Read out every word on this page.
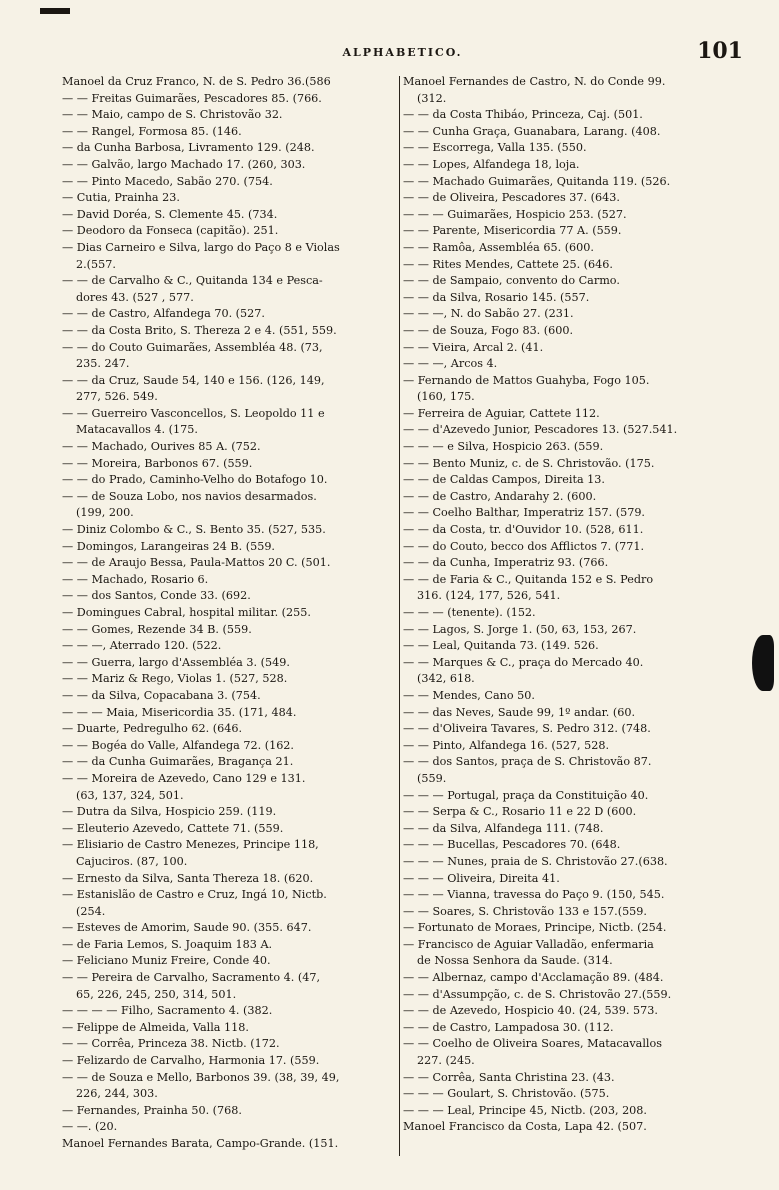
ALPHABETICO.	101
Manoel da Cruz Franco, N. de S. Pedro 36.(586
— — Freitas Guimarães, Pescadores 85. (766.
— — Maio, campo de S. Christovão 32.
— — Rangel, Formosa 85. (146.
— da Cunha Barbosa, Livramento 129. (248.
— — Galvão, largo Machado 17. (260, 303.
— — Pinto Macedo, Sabão 270. (754.
— Cutia, Prainha 23.
— David Doréa, S. Clemente 45. (734.
— Deodoro da Fonseca (capitão). 251.
— Dias Carneiro e Silva, largo do Paço 8 e Violas
2.(557.
— — de Carvalho & C., Quitanda 134 e Pesca-
dores 43. (527 , 577.
— — de Castro, Alfandega 70. (527.
— — da Costa Brito, S. Thereza 2 e 4. (551, 559.
— — do Couto Guimarães, Assembléa 48. (73,
235. 247.
— — da Cruz, Saude 54, 140 e 156. (126, 149,
277, 526. 549.
— — Guerreiro Vasconcellos, S. Leopoldo 11 e
Matacavallos 4. (175.
— — Machado, Ourives 85 A. (752.
— — Moreira, Barbonos 67. (559.
— — do Prado, Caminho-Velho do Botafogo 10.
— — de Souza Lobo, nos navios desarmados.
(199, 200.
— Diniz Colombo & C., S. Bento 35. (527, 535.
— Domingos, Larangeiras 24 B. (559.
— — de Araujo Bessa, Paula-Mattos 20 C. (501.
— — Machado, Rosario 6.
— — dos Santos, Conde 33. (692.
— Domingues Cabral, hospital militar. (255.
— — Gomes, Rezende 34 B. (559.
— — —, Aterrado 120. (522.
— — Guerra, largo d'Assembléa 3. (549.
— — Mariz & Rego, Violas 1. (527, 528.
— — da Silva, Copacabana 3. (754.
— — — Maia, Misericordia 35. (171, 484.
— Duarte, Pedregulho 62. (646.
— — Bogéa do Valle, Alfandega 72. (162.
— — da Cunha Guimarães, Bragança 21.
— — Moreira de Azevedo, Cano 129 e 131.
(63, 137, 324, 501.
— Dutra da Silva, Hospicio 259. (119.
— Eleuterio Azevedo, Cattete 71. (559.
— Elisiario de Castro Menezes, Principe 118,
Cajuciros. (87, 100.
— Ernesto da Silva, Santa Thereza 18. (620.
— Estanislão de Castro e Cruz, Ingá 10, Nictb.
(254.
— Esteves de Amorim, Saude 90. (355. 647.
— de Faria Lemos, S. Joaquim 183 A.
— Feliciano Muniz Freire, Conde 40.
— — Pereira de Carvalho, Sacramento 4. (47,
65, 226, 245, 250, 314, 501.
— — — — Filho, Sacramento 4. (382.
— Felippe de Almeida, Valla 118.
— — Corrêa, Princeza 38. Nictb. (172.
— Felizardo de Carvalho, Harmonia 17. (559.
— — de Souza e Mello, Barbonos 39. (38, 39, 49,
226, 244, 303.
— Fernandes, Prainha 50. (768.
— —. (20.
Manoel Fernandes Barata, Campo-Grande. (151.
Manoel Fernandes de Castro, N. do Conde 99.
(312.
— — da Costa Thibáo, Princeza, Caj. (501.
— — Cunha Graça, Guanabara, Larang. (408.
— — Escorrega, Valla 135. (550.
— — Lopes, Alfandega 18, loja.
— — Machado Guimarães, Quitanda 119. (526.
— — de Oliveira, Pescadores 37. (643.
— — — Guimarães, Hospicio 253. (527.
— — Parente, Misericordia 77 A. (559.
— — Ramôa, Assembléa 65. (600.
— — Rites Mendes, Cattete 25. (646.
— — de Sampaio, convento do Carmo.
— — da Silva, Rosario 145. (557.
— — —, N. do Sabão 27. (231.
— — de Souza, Fogo 83. (600.
— — Vieira, Arcal 2. (41.
— — —, Arcos 4.
— Fernando de Mattos Guahyba, Fogo 105.
(160, 175.
— Ferreira de Aguiar, Cattete 112.
— — d'Azevedo Junior, Pescadores 13. (527.541.
— — — e Silva, Hospicio 263. (559.
— — Bento Muniz, c. de S. Christovão. (175.
— — de Caldas Campos, Direita 13.
— — de Castro, Andarahy 2. (600.
— — Coelho Balthar, Imperatriz 157. (579.
— — da Costa, tr. d'Ouvidor 10. (528, 611.
— — do Couto, becco dos Afflictos 7. (771.
— — da Cunha, Imperatriz 93. (766.
— — de Faria & C., Quitanda 152 e S. Pedro
316. (124, 177, 526, 541.
— — — (tenente). (152.
— — Lagos, S. Jorge 1. (50, 63, 153, 267.
— — Leal, Quitanda 73. (149. 526.
— — Marques & C., praça do Mercado 40.
(342, 618.
— — Mendes, Cano 50.
— — das Neves, Saude 99, 1º andar. (60.
— — d'Oliveira Tavares, S. Pedro 312. (748.
— — Pinto, Alfandega 16. (527, 528.
— — dos Santos, praça de S. Christovão 87.
(559.
— — — Portugal, praça da Constituição 40.
— — Serpa & C., Rosario 11 e 22 D (600.
— — da Silva, Alfandega 111. (748.
— — — Bucellas, Pescadores 70. (648.
— — — Nunes, praia de S. Christovão 27.(638.
— — — Oliveira, Direita 41.
— — — Vianna, travessa do Paço 9. (150, 545.
— — Soares, S. Christovão 133 e 157.(559.
— Fortunato de Moraes, Principe, Nictb. (254.
— Francisco de Aguiar Valladão, enfermaria
de Nossa Senhora da Saude. (314.
— — Albernaz, campo d'Acclamação 89. (484.
— — d'Assumpção, c. de S. Christovão 27.(559.
— — de Azevedo, Hospicio 40. (24, 539. 573.
— — de Castro, Lampadosa 30. (112.
— — Coelho de Oliveira Soares, Matacavallos
227. (245.
— — Corrêa, Santa Christina 23. (43.
— — — Goulart, S. Christovão. (575.
— — — Leal, Principe 45, Nictb. (203, 208.
Manoel Francisco da Costa, Lapa 42. (507.
